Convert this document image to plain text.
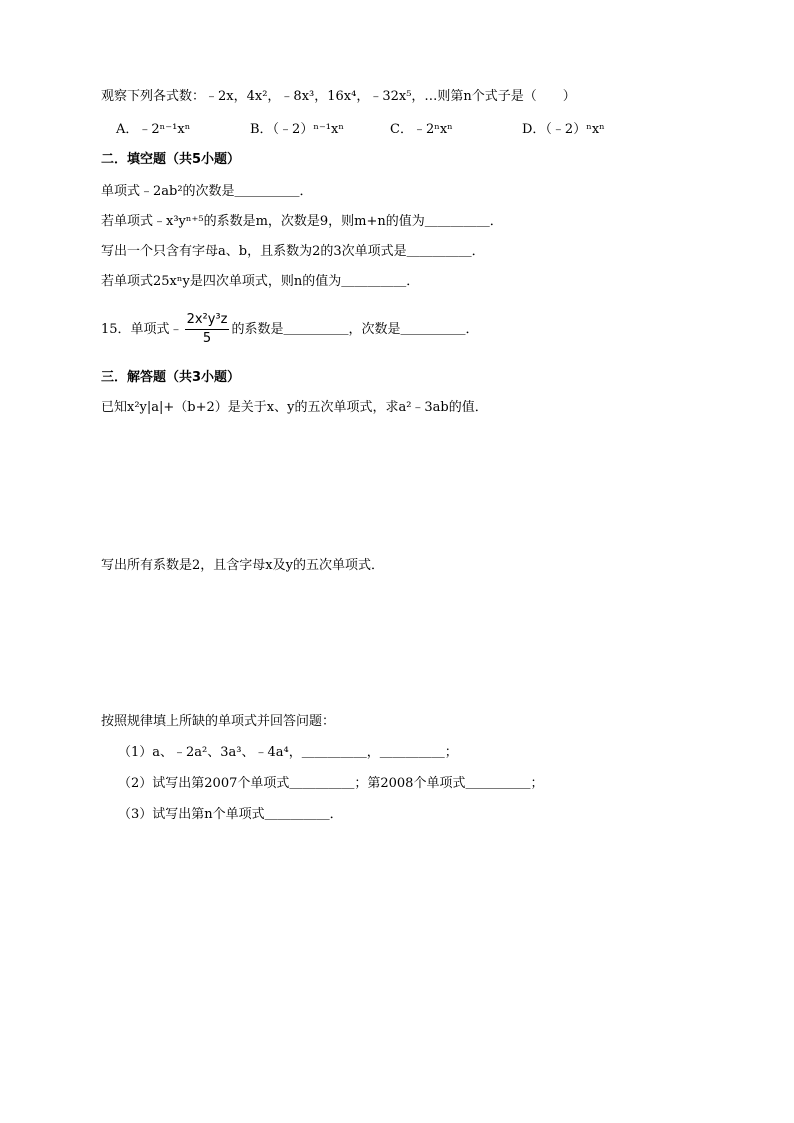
观察下列各式数：﹣2x，4x²，﹣8x³，16x⁴，﹣32x⁵，…则第n个式子是（　　）
A．﹣2ⁿ⁻¹xⁿ	B．（﹣2）ⁿ⁻¹xⁿ	C．﹣2ⁿxⁿ	D．（﹣2）ⁿxⁿ
二．填空题（共5小题）
单项式﹣2ab²的次数是＿＿＿＿＿．
若单项式﹣x³yⁿ⁺⁵的系数是m，次数是9，则m+n的值为＿＿＿＿＿．
写出一个只含有字母a、b，且系数为2的3次单项式是＿＿＿＿＿．
若单项式25xⁿy是四次单项式，则n的值为＿＿＿＿＿．
15．单项式﹣ $\frac{\text{2x²y³z}}{5}$ 的系数是＿＿＿＿＿，次数是＿＿＿＿＿．
三．解答题（共3小题）
已知x²y|a|+（b+2）是关于x、y的五次单项式，求a²﹣3ab的值．
写出所有系数是2，且含字母x及y的五次单项式．
按照规律填上所缺的单项式并回答问题：
（1）a、﹣2a²、3a³、﹣4a⁴，＿＿＿＿＿，＿＿＿＿＿；
（2）试写出第2007个单项式＿＿＿＿＿；第2008个单项式＿＿＿＿＿；
（3）试写出第n个单项式＿＿＿＿＿．
